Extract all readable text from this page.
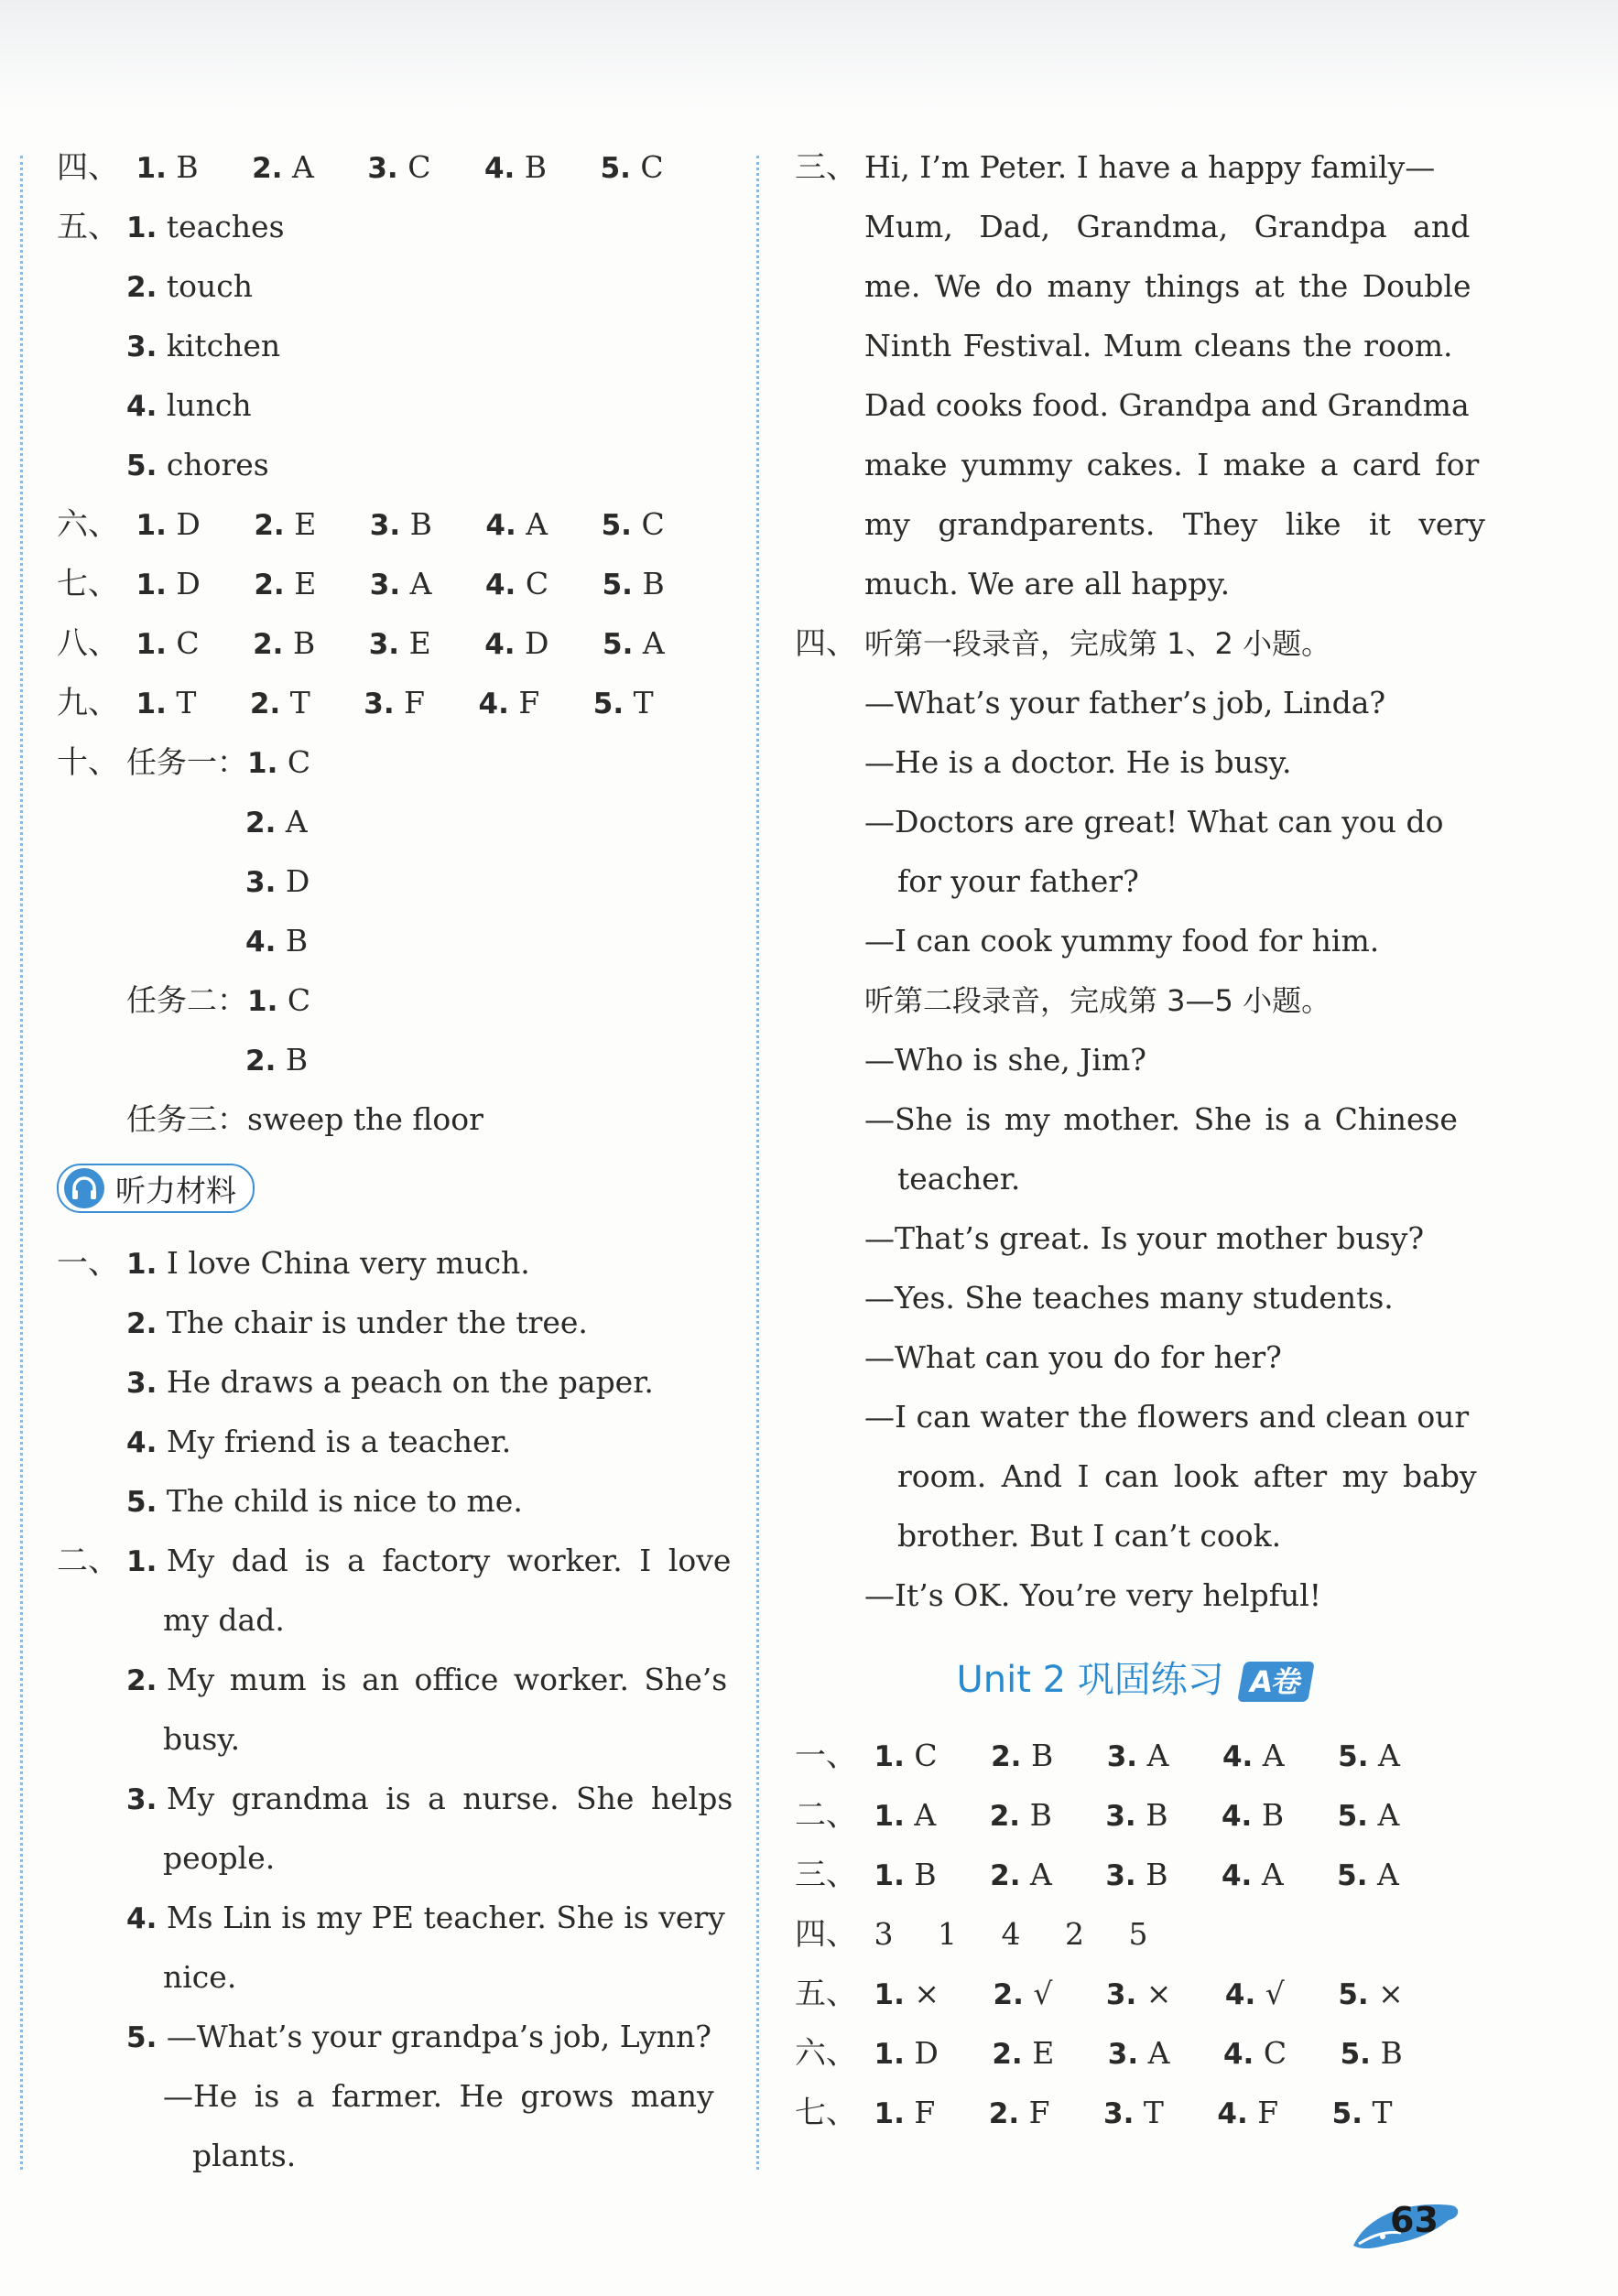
四、 1. B 2. A 3. C 4. B 5. C
五、 1. teaches
2. touch
3. kitchen
4. lunch
5. chores
六、 1. D 2. E 3. B 4. A 5. C
七、 1. D 2. E 3. A 4. C 5. B
八、 1. C 2. B 3. E 4. D 5. A
九、 1. T 2. T 3. F 4. F 5. T
十、 任务一：1. C
2. A
3. D
4. B
任务二：1. C
2. B
任务三：sweep the floor
听力材料
一、 1. I love China very much.
2. The chair is under the tree.
3. He draws a peach on the paper.
4. My friend is a teacher.
5. The child is nice to me.
二、 1. My dad is a factory worker. I love
my dad.
2. My mum is an office worker. She’s
busy.
3. My grandma is a nurse. She helps
people.
4. Ms Lin is my PE teacher. She is very
nice.
5. —What’s your grandpa’s job, Lynn?
—He is a farmer. He grows many
plants.
三、 Hi, I’m Peter. I have a happy family—
Mum, Dad, Grandma, Grandpa and
me. We do many things at the Double
Ninth Festival. Mum cleans the room.
Dad cooks food. Grandpa and Grandma
make yummy cakes. I make a card for
my grandparents. They like it very
much. We are all happy.
四、 听第一段录音，完成第 1、2 小题。
—What’s your father’s job, Linda?
—He is a doctor. He is busy.
—Doctors are great! What can you do
for your father?
—I can cook yummy food for him.
听第二段录音，完成第 3—5 小题。
—Who is she, Jim?
—She is my mother. She is a Chinese
teacher.
—That’s great. Is your mother busy?
—Yes. She teaches many students.
—What can you do for her?
—I can water the flowers and clean our
room. And I can look after my baby
brother. But I can’t cook.
—It’s OK. You’re very helpful!
Unit 2 巩固练习 A卷
一、 1. C 2. B 3. A 4. A 5. A
二、 1. A 2. B 3. B 4. B 5. A
三、 1. B 2. A 3. B 4. A 5. A
四、 3 1 4 2 5
五、 1. × 2. √ 3. × 4. √ 5. ×
六、 1. D 2. E 3. A 4. C 5. B
七、 1. F 2. F 3. T 4. F 5. T
63
